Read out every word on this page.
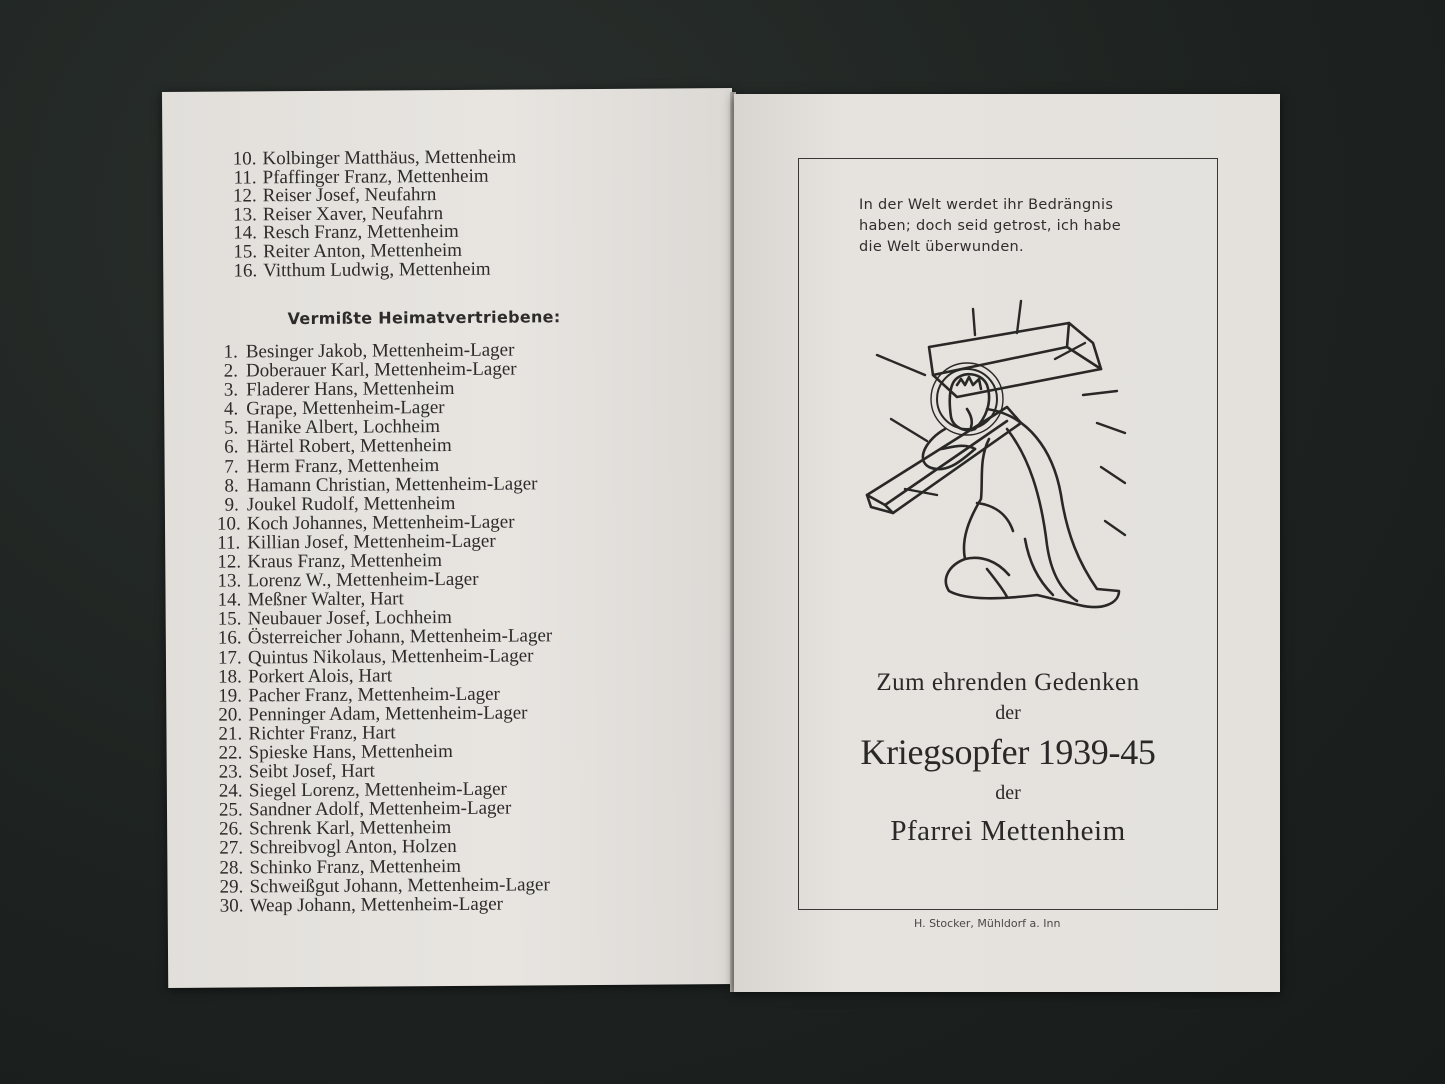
10. Kolbinger Matthäus, Mettenheim
11. Pfaffinger Franz, Mettenheim
12. Reiser Josef, Neufahrn
13. Reiser Xaver, Neufahrn
14. Resch Franz, Mettenheim
15. Reiter Anton, Mettenheim
16. Vitthum Ludwig, Mettenheim
Vermißte Heimatvertriebene:
1. Besinger Jakob, Mettenheim-Lager
2. Doberauer Karl, Mettenheim-Lager
3. Fladerer Hans, Mettenheim
4. Grape, Mettenheim-Lager
5. Hanike Albert, Lochheim
6. Härtel Robert, Mettenheim
7. Herm Franz, Mettenheim
8. Hamann Christian, Mettenheim-Lager
9. Joukel Rudolf, Mettenheim
10. Koch Johannes, Mettenheim-Lager
11. Killian Josef, Mettenheim-Lager
12. Kraus Franz, Mettenheim
13. Lorenz W., Mettenheim-Lager
14. Meßner Walter, Hart
15. Neubauer Josef, Lochheim
16. Österreicher Johann, Mettenheim-Lager
17. Quintus Nikolaus, Mettenheim-Lager
18. Porkert Alois, Hart
19. Pacher Franz, Mettenheim-Lager
20. Penninger Adam, Mettenheim-Lager
21. Richter Franz, Hart
22. Spieske Hans, Mettenheim
23. Seibt Josef, Hart
24. Siegel Lorenz, Mettenheim-Lager
25. Sandner Adolf, Mettenheim-Lager
26. Schrenk Karl, Mettenheim
27. Schreibvogl Anton, Holzen
28. Schinko Franz, Mettenheim
29. Schweißgut Johann, Mettenheim-Lager
30. Weap Johann, Mettenheim-Lager
In der Welt werdet ihr Bedrängnis
haben; doch seid getrost, ich habe
die Welt überwunden.
Zum ehrenden Gedenken
der
Kriegsopfer 1939-45
der
Pfarrei Mettenheim
H. Stocker, Mühldorf a. Inn
